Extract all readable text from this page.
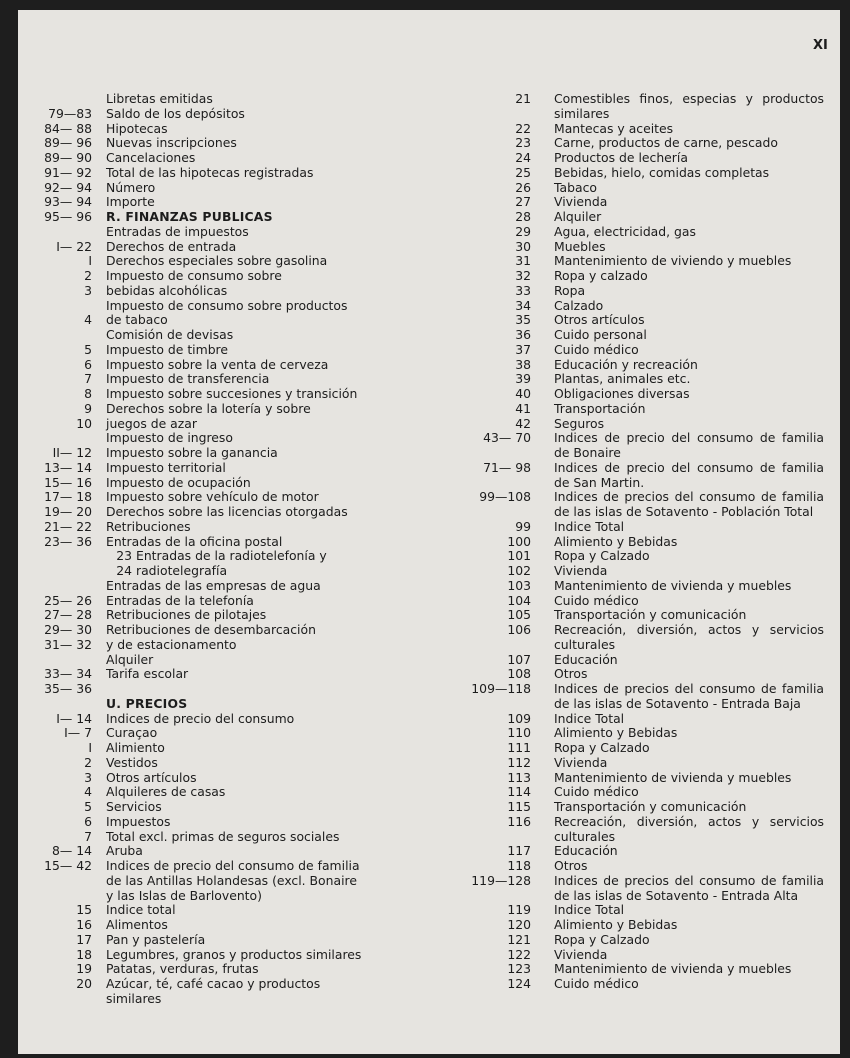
XI
Libretas emitidas
79—83	Saldo de los depósitos
84— 88	Hipotecas
89— 96	Nuevas inscripciones
89— 90	Cancelaciones
91— 92	Total de las hipotecas registradas
92— 94	Número
93— 94	Importe
95— 96	R. FINANZAS PUBLICAS
Entradas de impuestos
I— 22	Derechos de entrada
I	Derechos especiales sobre gasolina
2	Impuesto de consumo sobre
3	bebidas alcohólicas
Impuesto de consumo sobre productos
4	de tabaco
Comisión de devisas
5	Impuesto de timbre
6	Impuesto sobre la venta de cerveza
7	Impuesto de transferencia
8	Impuesto sobre succesiones y transición
9	Derechos sobre la lotería y sobre
10	juegos de azar
Impuesto de ingreso
II— 12	Impuesto sobre la ganancia
13— 14	Impuesto territorial
15— 16	Impuesto de ocupación
17— 18	Impuesto sobre vehículo de motor
19— 20	Derechos sobre las licencias otorgadas
21— 22	Retribuciones
23— 36	Entradas de la oficina postal
23 Entradas de la radiotelefonía y
24 radiotelegrafía
Entradas de las empresas de agua
25— 26	Entradas de la telefonía
27— 28	Retribuciones de pilotajes
29— 30	Retribuciones de desembarcación
31— 32	y de estacionamento
Alquiler
33— 34	Tarifa escolar
35— 36
U. PRECIOS
I— 14	Indices de precio del consumo
I— 7	Curaçao
I	Alimiento
2	Vestidos
3	Otros artículos
4	Alquileres de casas
5	Servicios
6	Impuestos
7	Total excl. primas de seguros sociales
8— 14	Aruba
15— 42	Indices de precio del consumo de familia
de las Antillas Holandesas (excl. Bonaire
y las Islas de Barlovento)
15	Indice total
16	Alimentos
17	Pan y pastelería
18	Legumbres, granos y productos similares
19	Patatas, verduras, frutas
20	Azúcar, té, café cacao y productos
similares
21	Comestibles finos, especias y productos similares
22	Mantecas y aceites
23	Carne, productos de carne, pescado
24	Productos de lechería
25	Bebidas, hielo, comidas completas
26	Tabaco
27	Vivienda
28	Alquiler
29	Agua, electricidad, gas
30	Muebles
31	Mantenimiento de viviendo y muebles
32	Ropa y calzado
33	Ropa
34	Calzado
35	Otros artículos
36	Cuido personal
37	Cuido médico
38	Educación y recreación
39	Plantas, animales etc.
40	Obligaciones diversas
41	Transportación
42	Seguros
43— 70	Indices de precio del consumo de familia de Bonaire
71— 98	Indices de precio del consumo de familia de San Martin.
99—108	Indices de precios del consumo de familia de las islas de Sotavento - Población Total
99	Indice Total
100	Alimiento y Bebidas
101	Ropa y Calzado
102	Vivienda
103	Mantenimiento de vivienda y muebles
104	Cuido médico
105	Transportación y comunicación
106	Recreación, diversión, actos y servicios culturales
107	Educación
108	Otros
109—118	Indices de precios del consumo de familia de las islas de Sotavento - Entrada Baja
109	Indice Total
110	Alimiento y Bebidas
111	Ropa y Calzado
112	Vivienda
113	Mantenimiento de vivienda y muebles
114	Cuido médico
115	Transportación y comunicación
116	Recreación, diversión, actos y servicios culturales
117	Educación
118	Otros
119—128	Indices de precios del consumo de familia de las islas de Sotavento - Entrada Alta
119	Indice Total
120	Alimiento y Bebidas
121	Ropa y Calzado
122	Vivienda
123	Mantenimiento de vivienda y muebles
124	Cuido médico
